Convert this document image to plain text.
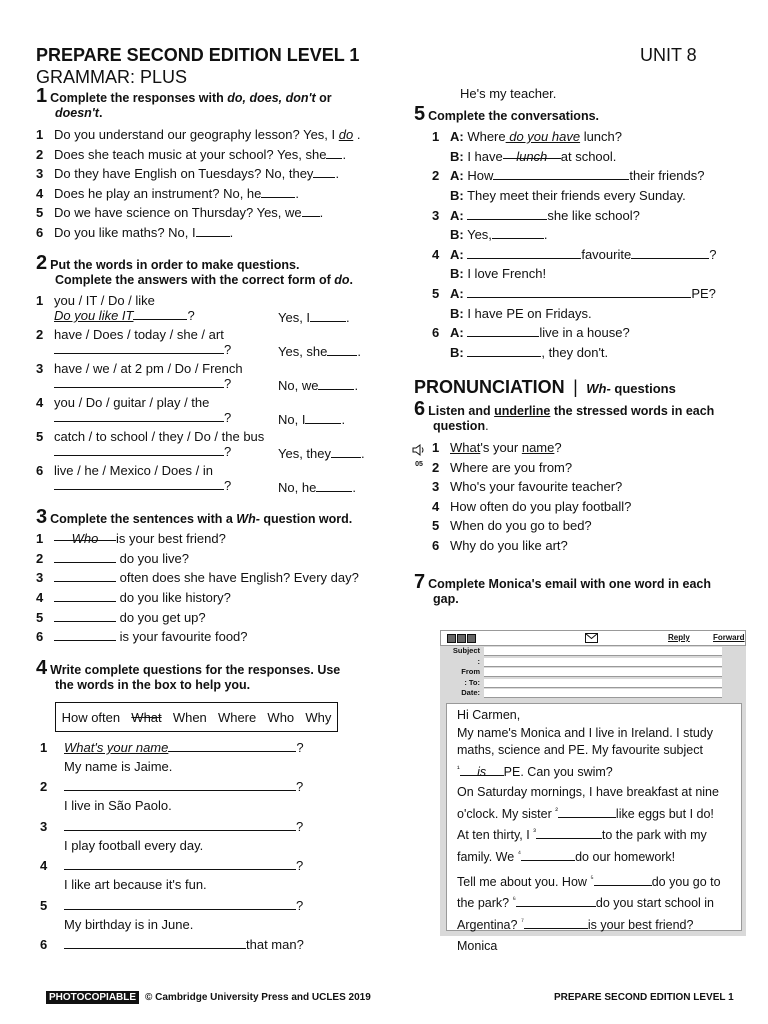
PREPARE SECOND EDITION LEVEL 1	UNIT 8
GRAMMAR: PLUS
1 Complete the responses with do, does, don't or
doesn't.
1 Do you understand our geography lesson? Yes, I do .
2 Does she teach music at your school? Yes, she .
3 Do they have English on Tuesdays? No, they .
4 Does he play an instrument? No, he	.
5 Do we have science on Thursday? Yes, we .
6 Do you like maths? No, I	.
2 Put the words in order to make questions.
Complete the answers with the correct form of do.
1 you / IT / Do / like
Do you like IT	?	Yes, I	.
2 have / Does / today / she / art
?	Yes, she .
3 have / we / at 2 pm / Do / French
?	No, we	.
4 you / Do / guitar / play / the
?	No, I	.
5 catch / to school / they / Do / the bus
?	Yes, they .
6 live / he / Mexico / Does / in
?	No, he	.
3 Complete the sentences with a Wh- question word.
1 Who is your best friend?
2	do you live?
3	often does she have English? Every day?
4	do you like history?
5	do you get up?
6	is your favourite food?
4 Write complete questions for the responses. Use
the words in the box to help you.
How often What When Where Who Why
1 What's your name	?
My name is Jaime.
2	?
I live in São Paolo.
3	?
I play football every day.
4	?
I like art because it's fun.
5	?
My birthday is in June.
6	that man?
He's my teacher.
5 Complete the conversations.
1 A: Where do you have lunch?
B: I have lunch at school.
2 A: How	their friends?
B: They meet their friends every Sunday.
3 A:	she like school?
B: Yes,	.
4 A:	favourite	?
B: I love French!
5 A:	PE?
B: I have PE on Fridays.
6 A:	live in a house?
B:	, they don't.
PRONUNCIATION | Wh- questions
6 Listen and underline the stressed words in each
question.
05
1 What's your name?
2 Where are you from?
3 Who's your favourite teacher?
4 How often do you play football?
5 When do you go to bed?
6 Why do you like art?
7 Complete Monica's email with one word in each
gap.
Reply	Forward
Subject
:
From
: To:
Date:
Hi Carmen,
My name's Monica and I live in Ireland. I study
maths, science and PE. My favourite subject
$^{^1}$ is PE. Can you swim?
On Saturday mornings, I have breakfast at nine
o'clock. My sister $^{^2}$	like eggs but I do!
At ten thirty, I $^{^3}$	to the park with my
family. We $^{^4}$	do our homework!
Tell me about you. How $^{^5}$	do you go to
the park? $^{^6}$	do you start school in
Argentina? $^{^7}$	is your best friend?
Monica
PHOTOCOPIABLE © Cambridge University Press and UCLES 2019	PREPARE SECOND EDITION LEVEL 1
